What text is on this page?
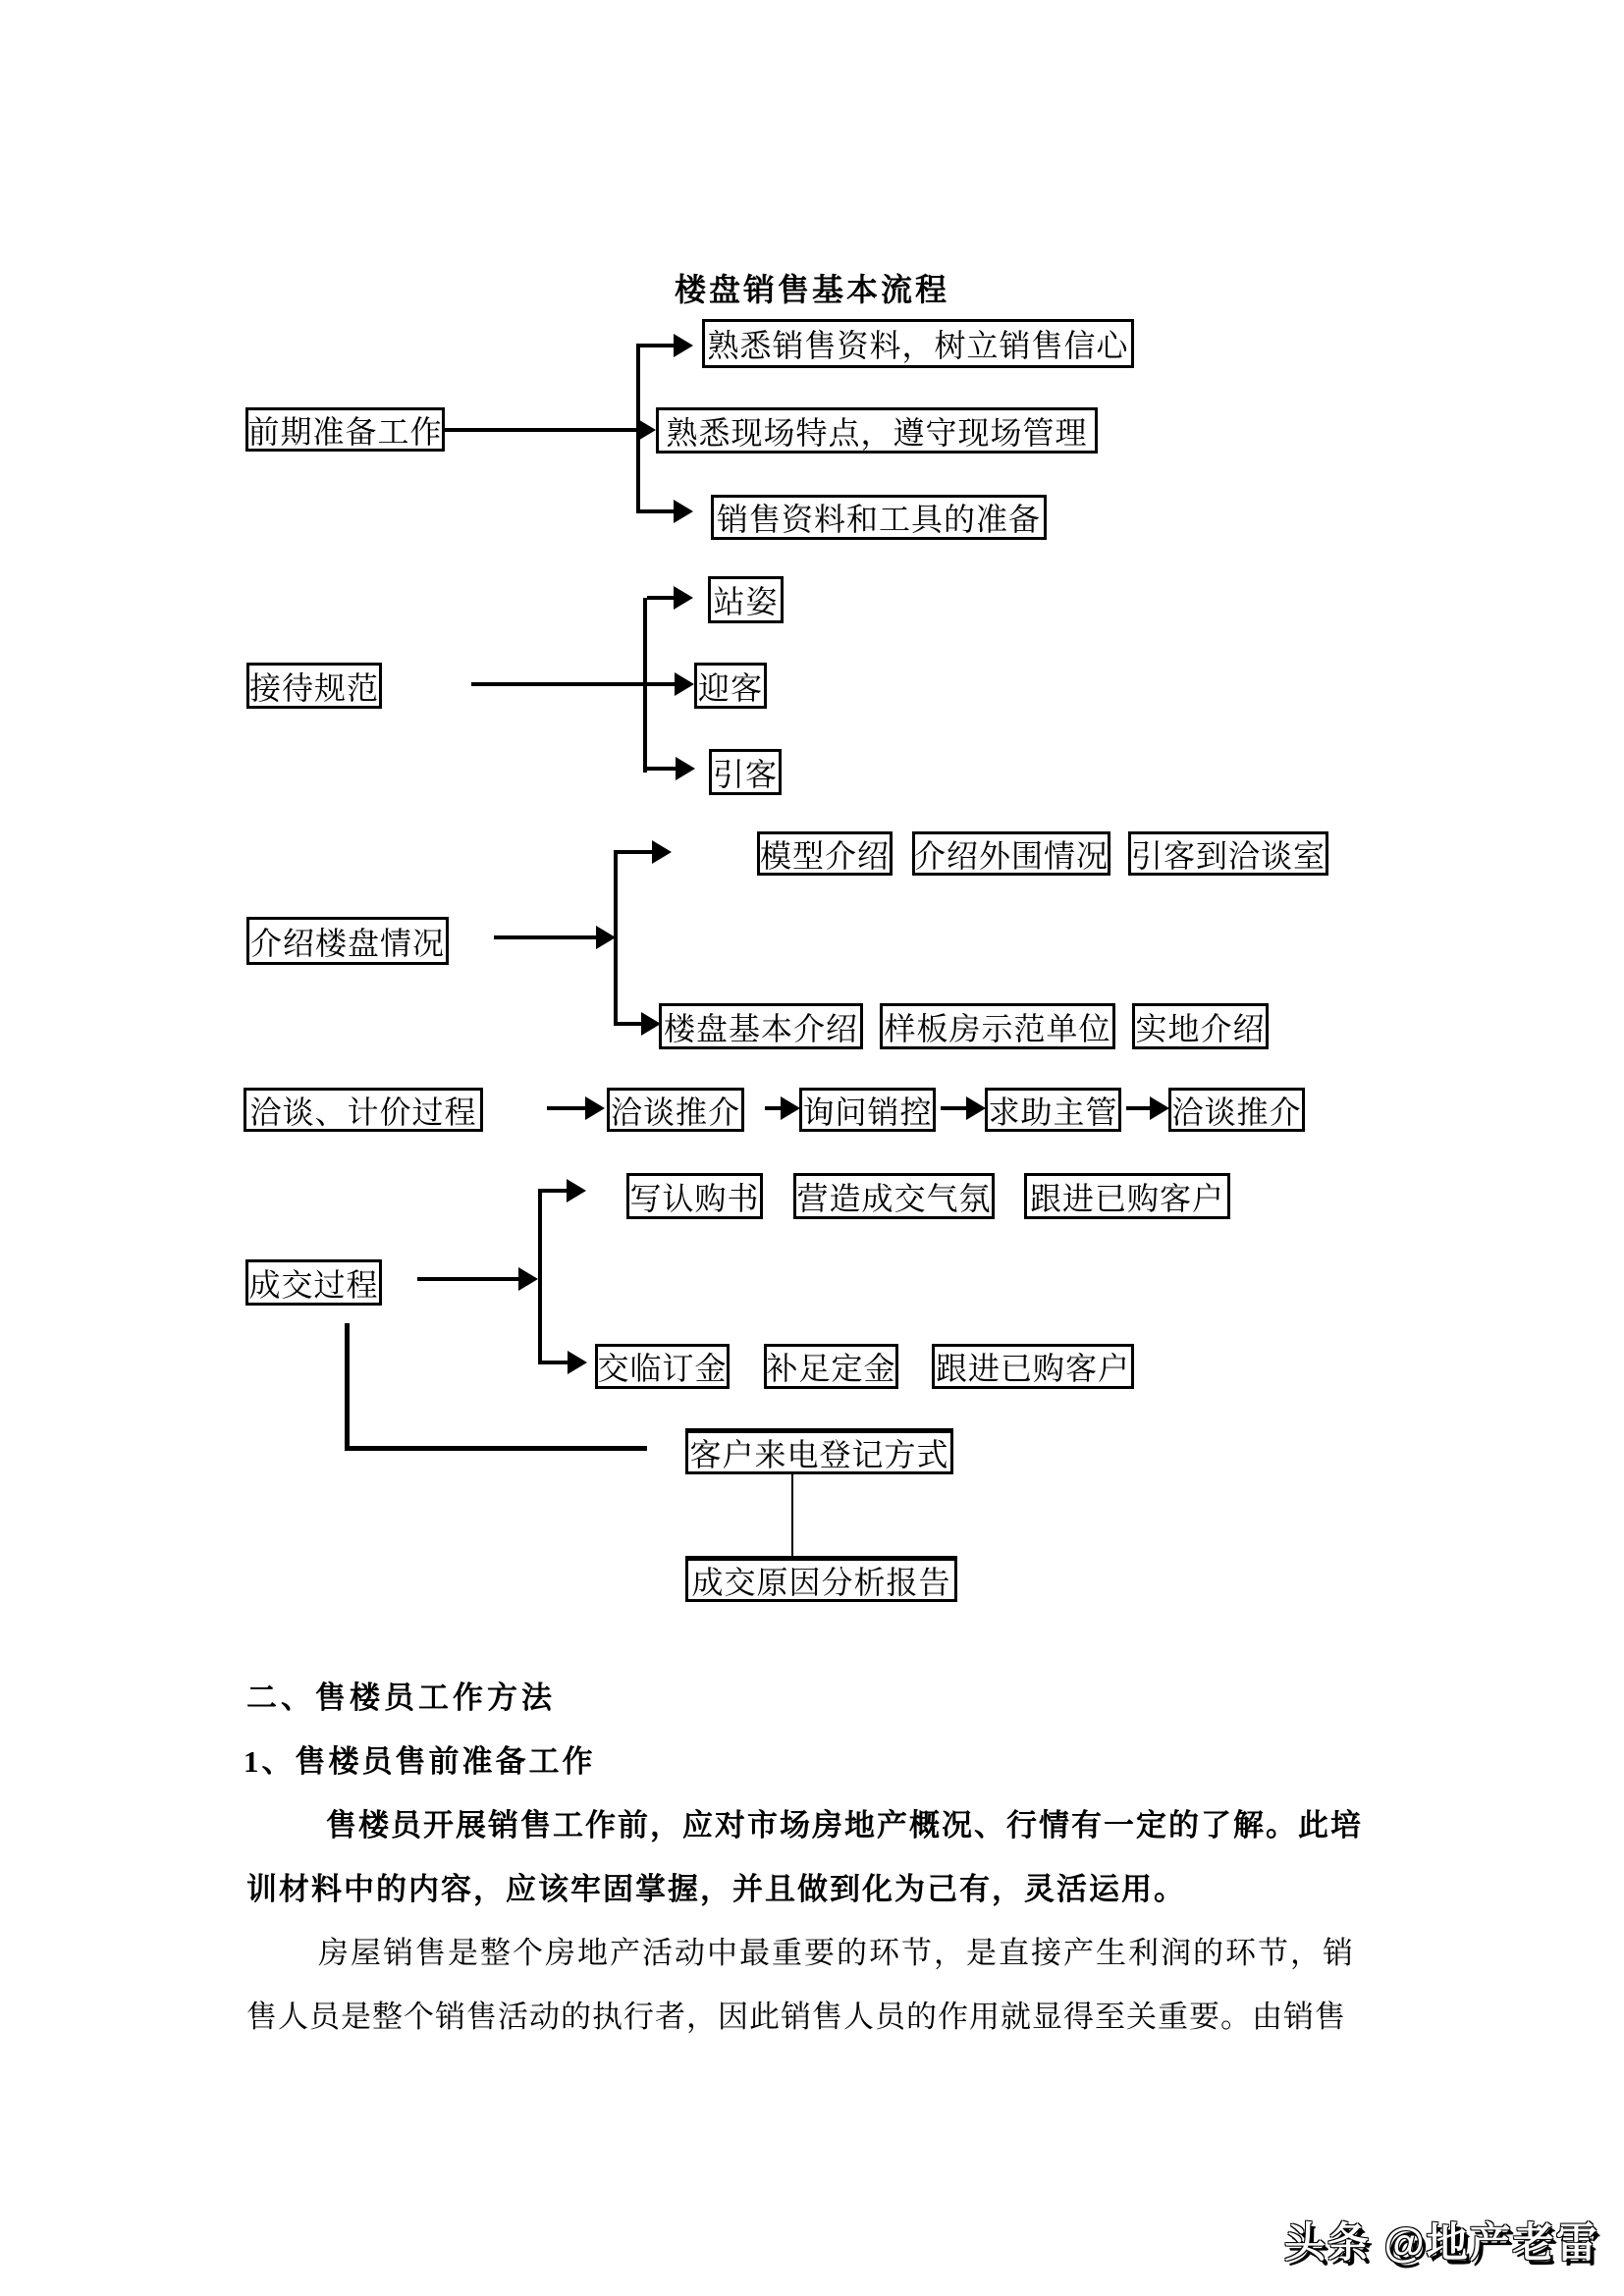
楼盘销售基本流程
前期准备工作
熟悉销售资料，树立销售信心
熟悉现场特点，遵守现场管理
销售资料和工具的准备
接待规范
站姿
迎客
引客
介绍楼盘情况
模型介绍 介绍外围情况 引客到洽谈室
楼盘基本介绍 样板房示范单位 实地介绍
洽谈、计价过程	洽谈推介 询问销控 求助主管 洽谈推介
写认购书 营造成交气氛 跟进已购客户
成交过程
交临订金 补足定金 跟进已购客户
客户来电登记方式
成交原因分析报告
二、售楼员工作方法
1、售楼员售前准备工作
售楼员开展销售工作前，应对市场房地产概况、行情有一定的了解。此培
训材料中的内容，应该牢固掌握，并且做到化为己有，灵活运用。
房屋销售是整个房地产活动中最重要的环节，是直接产生利润的环节，销
售人员是整个销售活动的执行者，因此销售人员的作用就显得至关重要。由销售
头条 @地产老雷
